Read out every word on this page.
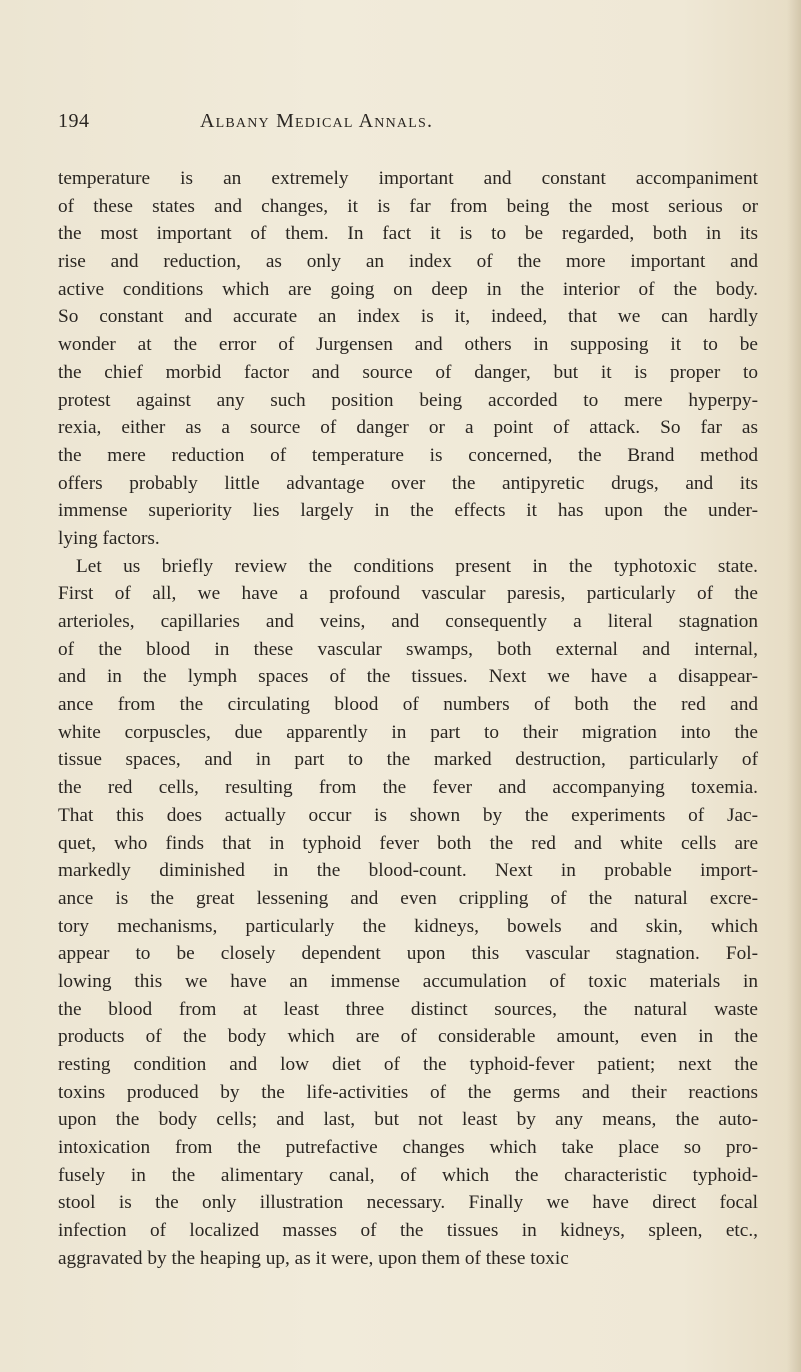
194	Albany Medical Annals.
temperature is an extremely important and constant accompaniment
of these states and changes, it is far from being the most serious or
the most important of them. In fact it is to be regarded, both in its
rise and reduction, as only an index of the more important and
active conditions which are going on deep in the interior of the body.
So constant and accurate an index is it, indeed, that we can hardly
wonder at the error of Jurgensen and others in supposing it to be
the chief morbid factor and source of danger, but it is proper to
protest against any such position being accorded to mere hyperpy-
rexia, either as a source of danger or a point of attack. So far as
the mere reduction of temperature is concerned, the Brand method
offers probably little advantage over the antipyretic drugs, and its
immense superiority lies largely in the effects it has upon the under-
lying factors.
Let us briefly review the conditions present in the typhotoxic state.
First of all, we have a profound vascular paresis, particularly of the
arterioles, capillaries and veins, and consequently a literal stagnation
of the blood in these vascular swamps, both external and internal,
and in the lymph spaces of the tissues. Next we have a disappear-
ance from the circulating blood of numbers of both the red and
white corpuscles, due apparently in part to their migration into the
tissue spaces, and in part to the marked destruction, particularly of
the red cells, resulting from the fever and accompanying toxemia.
That this does actually occur is shown by the experiments of Jac-
quet, who finds that in typhoid fever both the red and white cells are
markedly diminished in the blood-count. Next in probable import-
ance is the great lessening and even crippling of the natural excre-
tory mechanisms, particularly the kidneys, bowels and skin, which
appear to be closely dependent upon this vascular stagnation. Fol-
lowing this we have an immense accumulation of toxic materials in
the blood from at least three distinct sources, the natural waste
products of the body which are of considerable amount, even in the
resting condition and low diet of the typhoid-fever patient; next the
toxins produced by the life-activities of the germs and their reactions
upon the body cells; and last, but not least by any means, the auto-
intoxication from the putrefactive changes which take place so pro-
fusely in the alimentary canal, of which the characteristic typhoid-
stool is the only illustration necessary. Finally we have direct focal
infection of localized masses of the tissues in kidneys, spleen, etc.,
aggravated by the heaping up, as it were, upon them of these toxic
